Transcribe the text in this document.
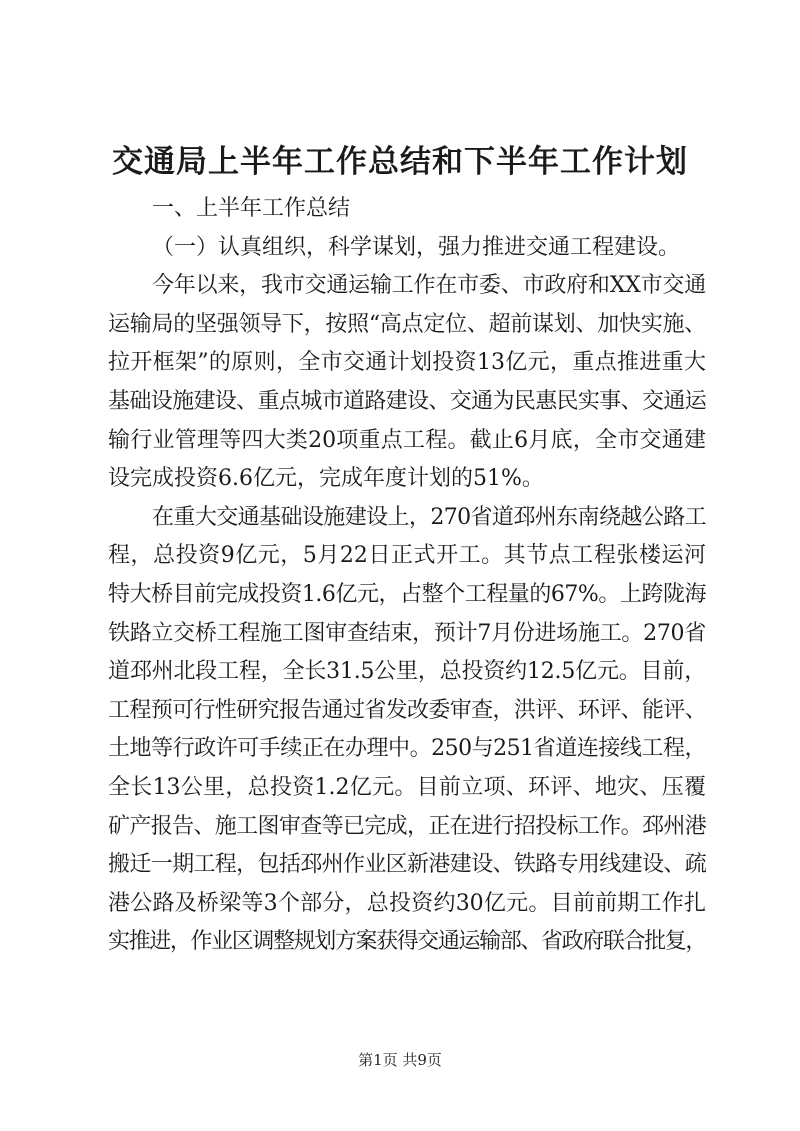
交通局上半年工作总结和下半年工作计划

一、上半年工作总结

（一）认真组织，科学谋划，强力推进交通工程建设。

今年以来，我市交通运输工作在市委、市政府和XX市交通

运输局的坚强领导下，按照“高点定位、超前谋划、加快实施、

拉开框架”的原则，全市交通计划投资13亿元，重点推进重大

基础设施建设、重点城市道路建设、交通为民惠民实事、交通运

输行业管理等四大类20项重点工程。截止6月底，全市交通建

设完成投资6.6亿元，完成年度计划的51%。

在重大交通基础设施建设上，270省道邳州东南绕越公路工

程，总投资9亿元，5月22日正式开工。其节点工程张楼运河

特大桥目前完成投资1.6亿元，占整个工程量的67%。上跨陇海

铁路立交桥工程施工图审查结束，预计7月份进场施工。270省

道邳州北段工程，全长31.5公里，总投资约12.5亿元。目前，

工程预可行性研究报告通过省发改委审查，洪评、环评、能评、

土地等行政许可手续正在办理中。250与251省道连接线工程，

全长13公里，总投资1.2亿元。目前立项、环评、地灾、压覆

矿产报告、施工图审查等已完成，正在进行招投标工作。邳州港

搬迁一期工程，包括邳州作业区新港建设、铁路专用线建设、疏

港公路及桥梁等3个部分，总投资约30亿元。目前前期工作扎

实推进，作业区调整规划方案获得交通运输部、省政府联合批复，

第1页 共9页
